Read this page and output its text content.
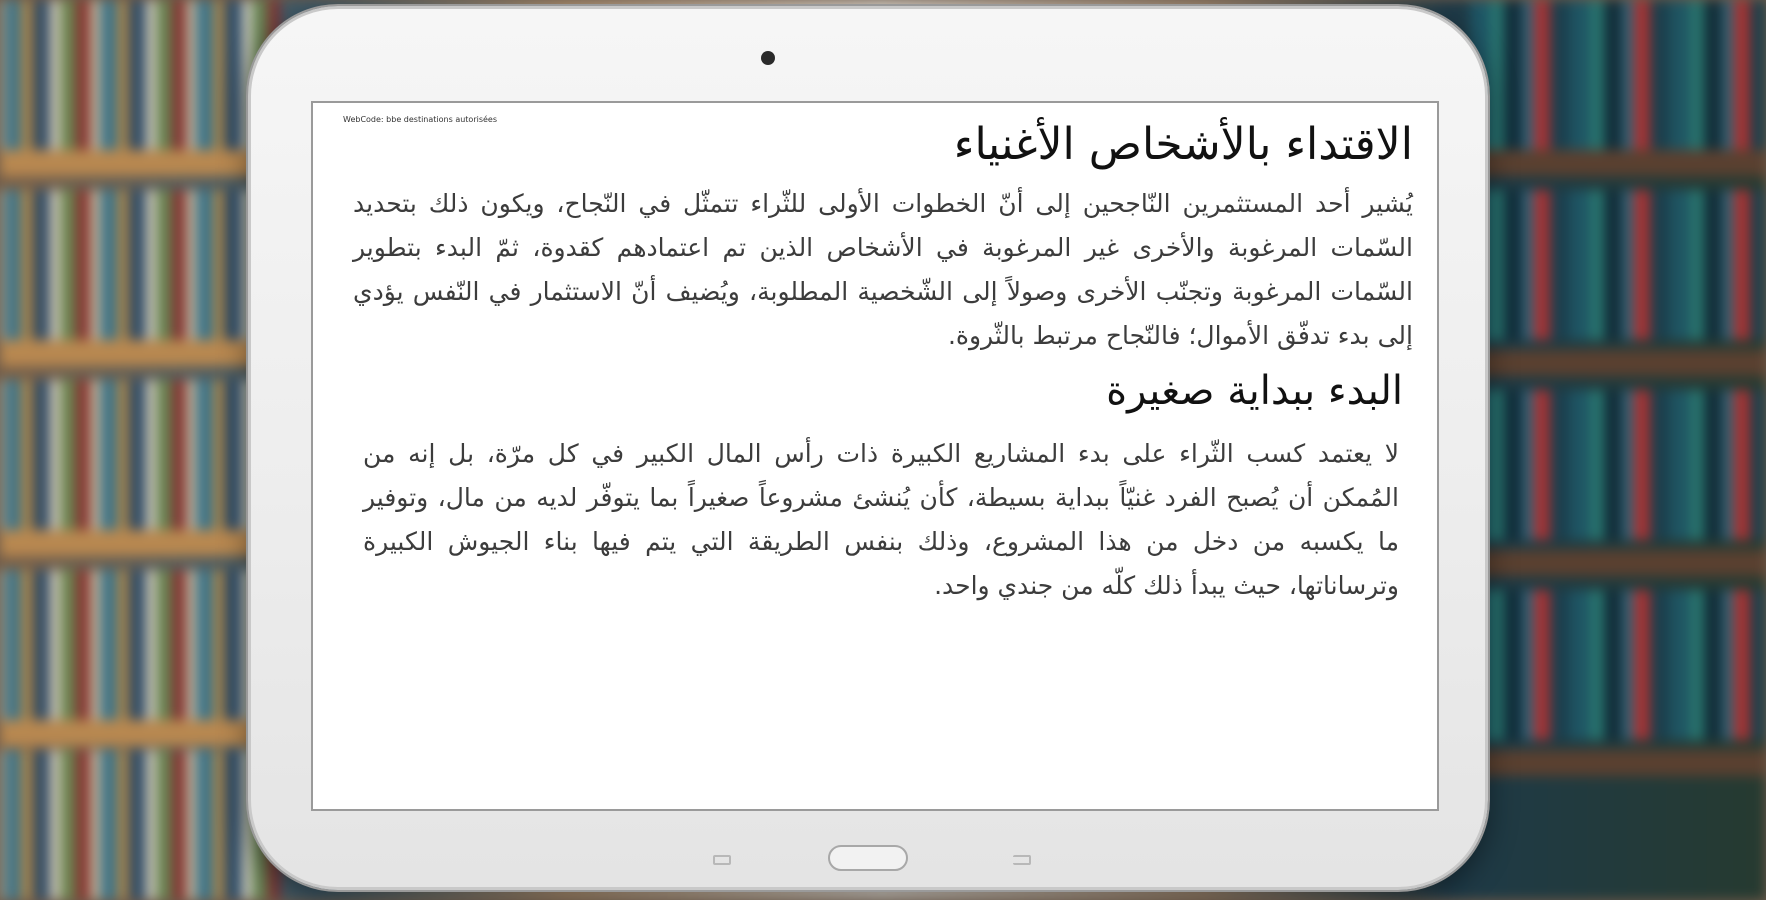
WebCode: bbe destinations autorisées	الاقتداء بالأشخاص الأغنياء

يُشير أحد المستثمرين النّاجحين إلى أنّ الخطوات الأولى للثّراء تتمثّل في النّجاح، ويكون ذلك بتحديد السّمات المرغوبة والأخرى غير المرغوبة في الأشخاص الذين تم اعتمادهم كقدوة، ثمّ البدء بتطوير السّمات المرغوبة وتجنّب الأخرى وصولاً إلى الشّخصية المطلوبة، ويُضيف أنّ الاستثمار في النّفس يؤدي إلى بدء تدفّق الأموال؛ فالنّجاح مرتبط بالثّروة.

البدء ببداية صغيرة

لا يعتمد كسب الثّراء على بدء المشاريع الكبيرة ذات رأس المال الكبير في كل مرّة، بل إنه من المُمكن أن يُصبح الفرد غنيّاً ببداية بسيطة، كأن يُنشئ مشروعاً صغيراً بما يتوفّر لديه من مال، وتوفير ما يكسبه من دخل من هذا المشروع، وذلك بنفس الطريقة التي يتم فيها بناء الجيوش الكبيرة وترساناتها، حيث يبدأ ذلك كلّه من جندي واحد.
